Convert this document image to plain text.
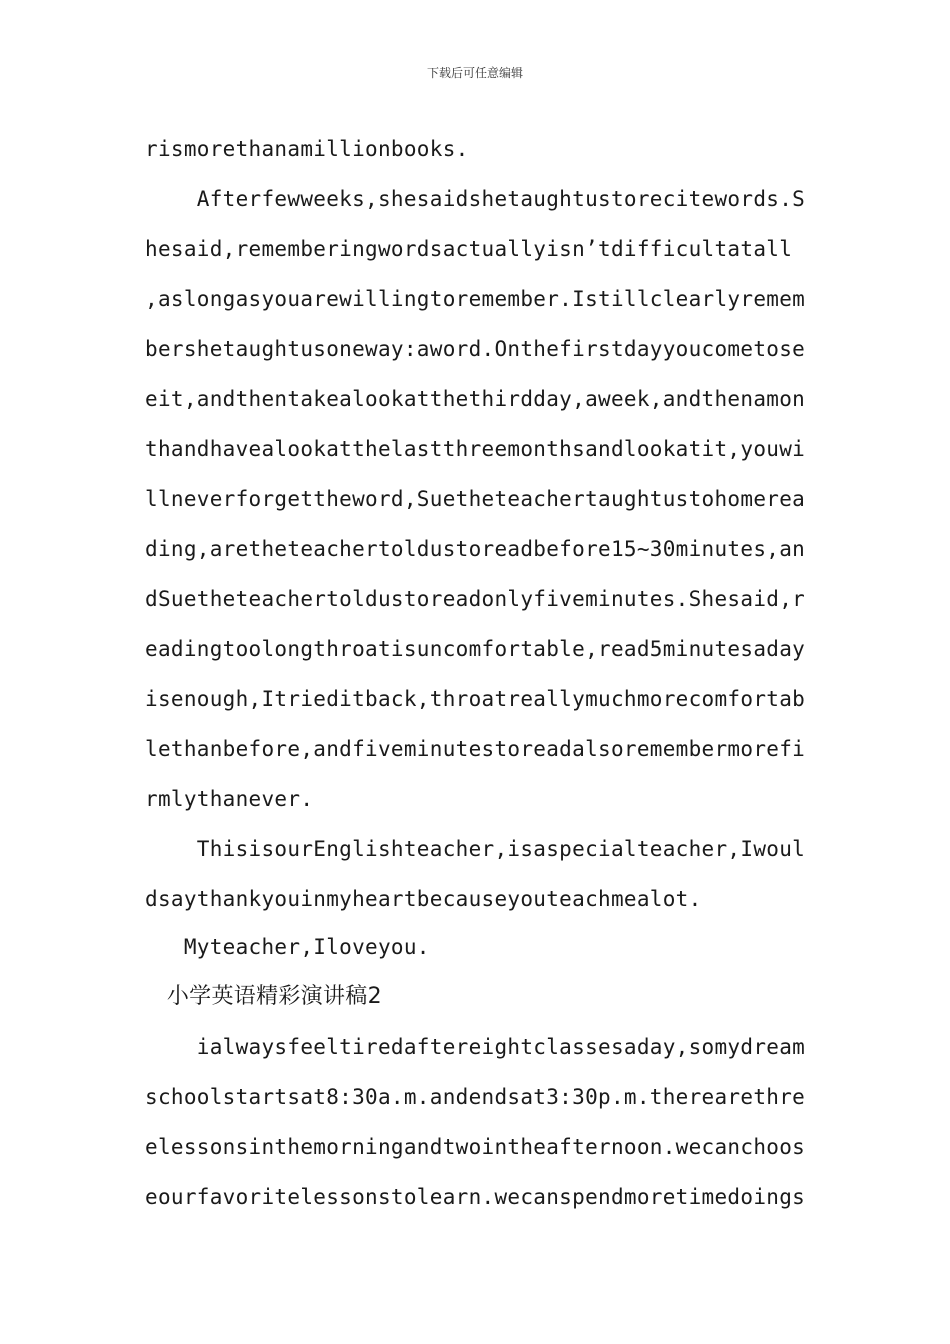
下载后可任意编辑
rismorethanamillionbooks.
Afterfewweeks,shesaidshetaughtustorecitewords.S
hesaid,rememberingwordsactuallyisn’tdifficultatall
,aslongasyouarewillingtoremember.Istillclearlyremem
bershetaughtusoneway:aword.Onthefirstdayyoucometose
eit,andthentakealookatthethirdday,aweek,andthenamon
thandhavealookatthelastthreemonthsandlookatit,youwi
llneverforgettheword,Suetheteachertaughtustohomerea
ding,aretheteachertoldustoreadbefore15~30minutes,an
dSuetheteachertoldustoreadonlyfiveminutes.Shesaid,r
eadingtoolongthroatisuncomfortable,read5minutesaday
isenough,Itrieditback,throatreallymuchmorecomfortab
lethanbefore,andfiveminutestoreadalsoremembermorefi
rmlythanever.
ThisisourEnglishteacher,isaspecialteacher,Iwoul
dsaythankyouinmyheartbecauseyouteachmealot.
Myteacher,Iloveyou.
小学英语精彩演讲稿2
ialwaysfeeltiredaftereightclassesaday,somydream
schoolstartsat8:30a.m.andendsat3:30p.m.therearethre
elessonsinthemorningandtwointheafternoon.wecanchoos
eourfavoritelessonstolearn.wecanspendmoretimedoings
